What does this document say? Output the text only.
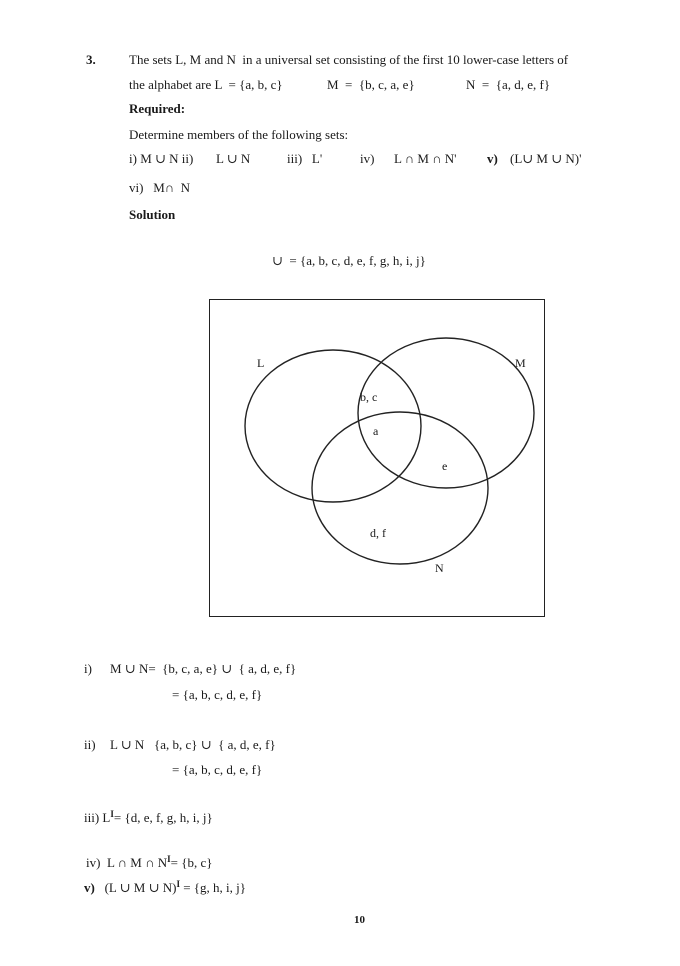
3.	The sets L, M and N  in a universal set consisting of the first 10 lower-case letters of
the alphabet are L  = {a, b, c}	M  =  {b, c, a, e}	N  =  {a, d, e, f}
Required:
Determine members of the following sets:
i) M ∪ N ii) L ∪ N	iii)   L'	iv) L ∩ M ∩ N' v) (L∪ M ∪ N)'
vi)   M∩  N
Solution
∪  = {a, b, c, d, e, f, g, h, i, j}
L	M
N
b, c
a
e
d, f
i) M ∪ N=  {b, c, a, e} ∪  { a, d, e, f}
= {a, b, c, d, e, f}
ii) L ∪ N   {a, b, c} ∪  { a, d, e, f}
= {a, b, c, d, e, f}
iii) $L^I= \{d$, e, f, g, h, i, j}
iv) L ∩ M ∩ $N^I= \{b$, c}
v) (L ∪ M ∪ N)$^I$ = {g, h, i, j}
10
